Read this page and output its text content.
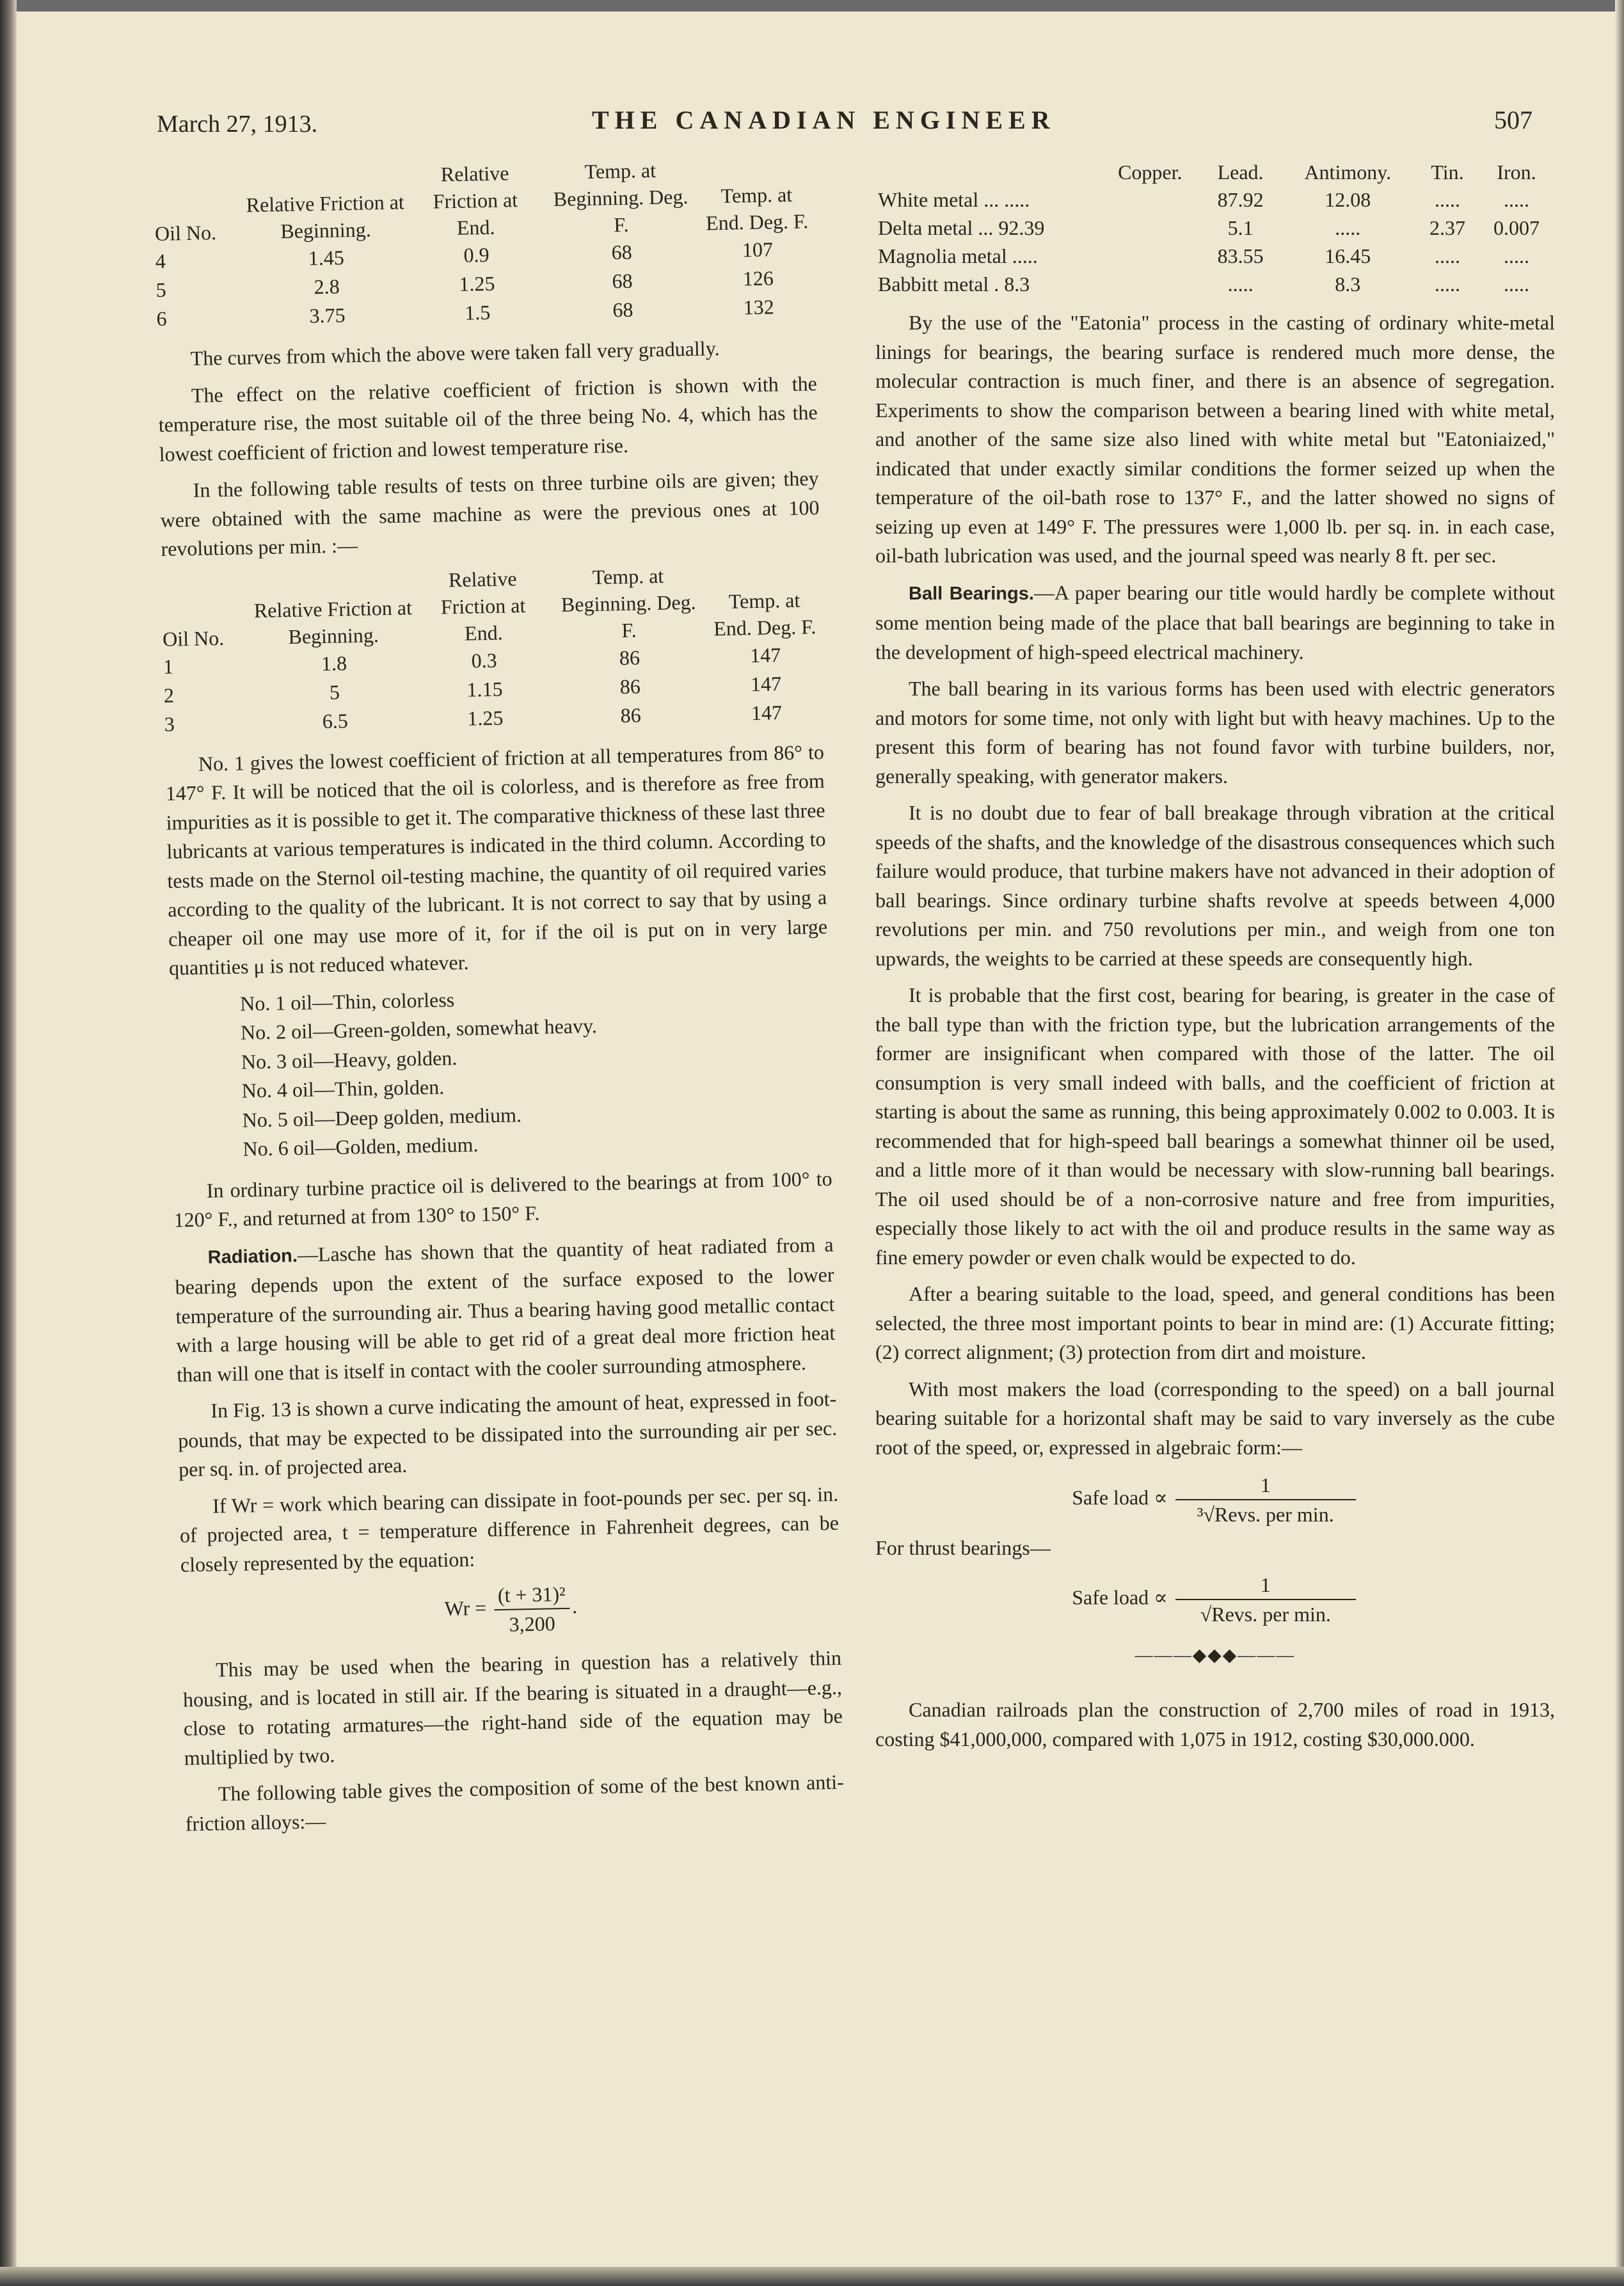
March 27, 1913.	THE CANADIAN ENGINEER	507
Oil No.	Relative Friction at Beginning.	Relative Friction at End.	Temp. at Beginning. Deg. F.	Temp. at End. Deg. F.
4	1.45	0.9	68	107
5	2.8	1.25	68	126
6	3.75	1.5	68	132

The curves from which the above were taken fall very gradually.

The effect on the relative coefficient of friction is shown with the temperature rise, the most suitable oil of the three being No. 4, which has the lowest coefficient of friction and lowest temperature rise.

In the following table results of tests on three turbine oils are given; they were obtained with the same machine as were the previous ones at 100 revolutions per min. :—

Oil No.	Relative Friction at Beginning.	Relative Friction at End.	Temp. at Beginning. Deg. F.	Temp. at End. Deg. F.
1	1.8	0.3	86	147
2	5	1.15	86	147
3	6.5	1.25	86	147

No. 1 gives the lowest coefficient of friction at all temperatures from 86° to 147° F. It will be noticed that the oil is colorless, and is therefore as free from impurities as it is possible to get it. The comparative thickness of these last three lubricants at various temperatures is indicated in the third column. According to tests made on the Sternol oil-testing machine, the quantity of oil required varies according to the quality of the lubricant. It is not correct to say that by using a cheaper oil one may use more of it, for if the oil is put on in very large quantities μ is not reduced whatever.

No. 1 oil—Thin, colorless
No. 2 oil—Green-golden, somewhat heavy.
No. 3 oil—Heavy, golden.
No. 4 oil—Thin, golden.
No. 5 oil—Deep golden, medium.
No. 6 oil—Golden, medium.

In ordinary turbine practice oil is delivered to the bearings at from 100° to 120° F., and returned at from 130° to 150° F.

Radiation.—Lasche has shown that the quantity of heat radiated from a bearing depends upon the extent of the surface exposed to the lower temperature of the surrounding air. Thus a bearing having good metallic contact with a large housing will be able to get rid of a great deal more friction heat than will one that is itself in contact with the cooler surrounding atmosphere.

In Fig. 13 is shown a curve indicating the amount of heat, expressed in foot-pounds, that may be expected to be dissipated into the surrounding air per sec. per sq. in. of projected area.

If Wr = work which bearing can dissipate in foot-pounds per sec. per sq. in. of projected area, t = temperature difference in Fahrenheit degrees, can be closely represented by the equation:

Wr =
(t + 31)²
3,200
.

This may be used when the bearing in question has a relatively thin housing, and is located in still air. If the bearing is situated in a draught—e.g., close to rotating armatures—the right-hand side of the equation may be multiplied by two.

The following table gives the composition of some of the best known anti-friction alloys:—

	Copper.	Lead.	Antimony.	Tin.	Iron.
White metal ... .....		87.92	12.08	.....	.....
Delta metal ... 92.39		5.1	.....	2.37	0.007
Magnolia metal .....		83.55	16.45	.....	.....
Babbitt metal . 8.3		.....	8.3	.....	.....

By the use of the "Eatonia" process in the casting of ordinary white-metal linings for bearings, the bearing surface is rendered much more dense, the molecular contraction is much finer, and there is an absence of segregation. Experiments to show the comparison between a bearing lined with white metal, and another of the same size also lined with white metal but "Eatoniaized," indicated that under exactly similar conditions the former seized up when the temperature of the oil-bath rose to 137° F., and the latter showed no signs of seizing up even at 149° F. The pressures were 1,000 lb. per sq. in. in each case, oil-bath lubrication was used, and the journal speed was nearly 8 ft. per sec.

Ball Bearings.—A paper bearing our title would hardly be complete without some mention being made of the place that ball bearings are beginning to take in the development of high-speed electrical machinery.

The ball bearing in its various forms has been used with electric generators and motors for some time, not only with light but with heavy machines. Up to the present this form of bearing has not found favor with turbine builders, nor, generally speaking, with generator makers.

It is no doubt due to fear of ball breakage through vibration at the critical speeds of the shafts, and the knowledge of the disastrous consequences which such failure would produce, that turbine makers have not advanced in their adoption of ball bearings. Since ordinary turbine shafts revolve at speeds between 4,000 revolutions per min. and 750 revolutions per min., and weigh from one ton upwards, the weights to be carried at these speeds are consequently high.

It is probable that the first cost, bearing for bearing, is greater in the case of the ball type than with the friction type, but the lubrication arrangements of the former are insignificant when compared with those of the latter. The oil consumption is very small indeed with balls, and the coefficient of friction at starting is about the same as running, this being approximately 0.002 to 0.003. It is recommended that for high-speed ball bearings a somewhat thinner oil be used, and a little more of it than would be necessary with slow-running ball bearings. The oil used should be of a non-corrosive nature and free from impurities, especially those likely to act with the oil and produce results in the same way as fine emery powder or even chalk would be expected to do.

After a bearing suitable to the load, speed, and general conditions has been selected, the three most important points to bear in mind are: (1) Accurate fitting; (2) correct alignment; (3) protection from dirt and moisture.

With most makers the load (corresponding to the speed) on a ball journal bearing suitable for a horizontal shaft may be said to vary inversely as the cube root of the speed, or, expressed in algebraic form:—

Safe load ∝ $\frac{1}{\text{³√Revs. per min.}}$

For thrust bearings—

Safe load ∝ $\frac{1}{\text{√Revs. per min.}}$
———◆◆◆———

Canadian railroads plan the construction of 2,700 miles of road in 1913, costing $41,000,000, compared with 1,075 in 1912, costing $30,000.000.
